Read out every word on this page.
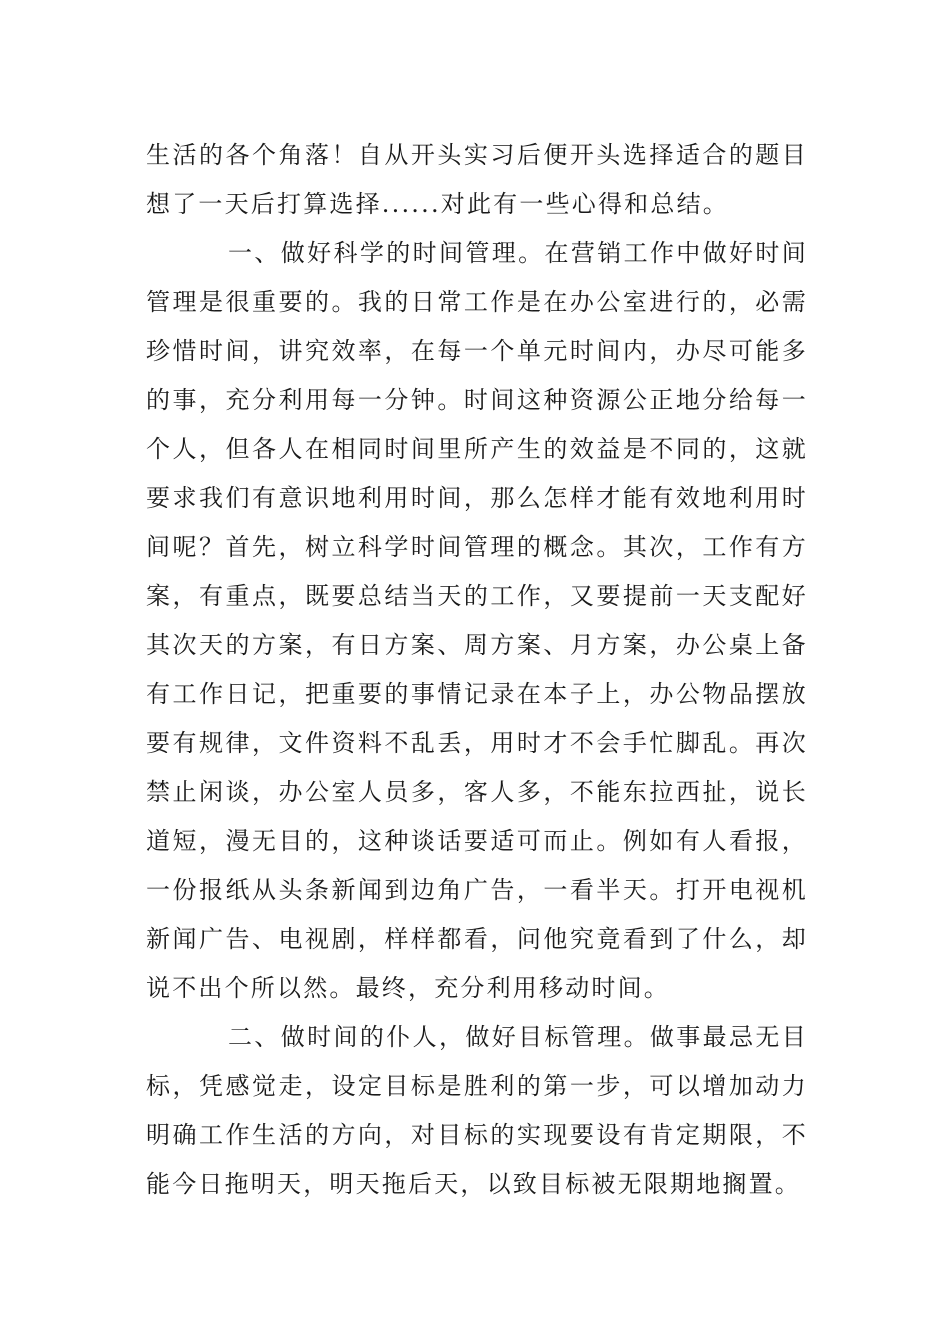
生活的各个角落！自从开头实习后便开头选择适合的题目想了一天后打算选择......对此有一些心得和总结。

一、做好科学的时间管理。在营销工作中做好时间管理是很重要的。我的日常工作是在办公室进行的，必需珍惜时间，讲究效率，在每一个单元时间内，办尽可能多的事，充分利用每一分钟。时间这种资源公正地分给每一个人，但各人在相同时间里所产生的效益是不同的，这就要求我们有意识地利用时间，那么怎样才能有效地利用时间呢？首先，树立科学时间管理的概念。其次，工作有方案，有重点，既要总结当天的工作，又要提前一天支配好其次天的方案，有日方案、周方案、月方案，办公桌上备有工作日记，把重要的事情记录在本子上，办公物品摆放要有规律，文件资料不乱丢，用时才不会手忙脚乱。再次禁止闲谈，办公室人员多，客人多，不能东拉西扯，说长道短，漫无目的，这种谈话要适可而止。例如有人看报，一份报纸从头条新闻到边角广告，一看半天。打开电视机新闻广告、电视剧，样样都看，问他究竟看到了什么，却说不出个所以然。最终，充分利用移动时间。

二、做时间的仆人，做好目标管理。做事最忌无目标，凭感觉走，设定目标是胜利的第一步，可以增加动力明确工作生活的方向，对目标的实现要设有肯定期限，不能今日拖明天，明天拖后天，以致目标被无限期地搁置。
